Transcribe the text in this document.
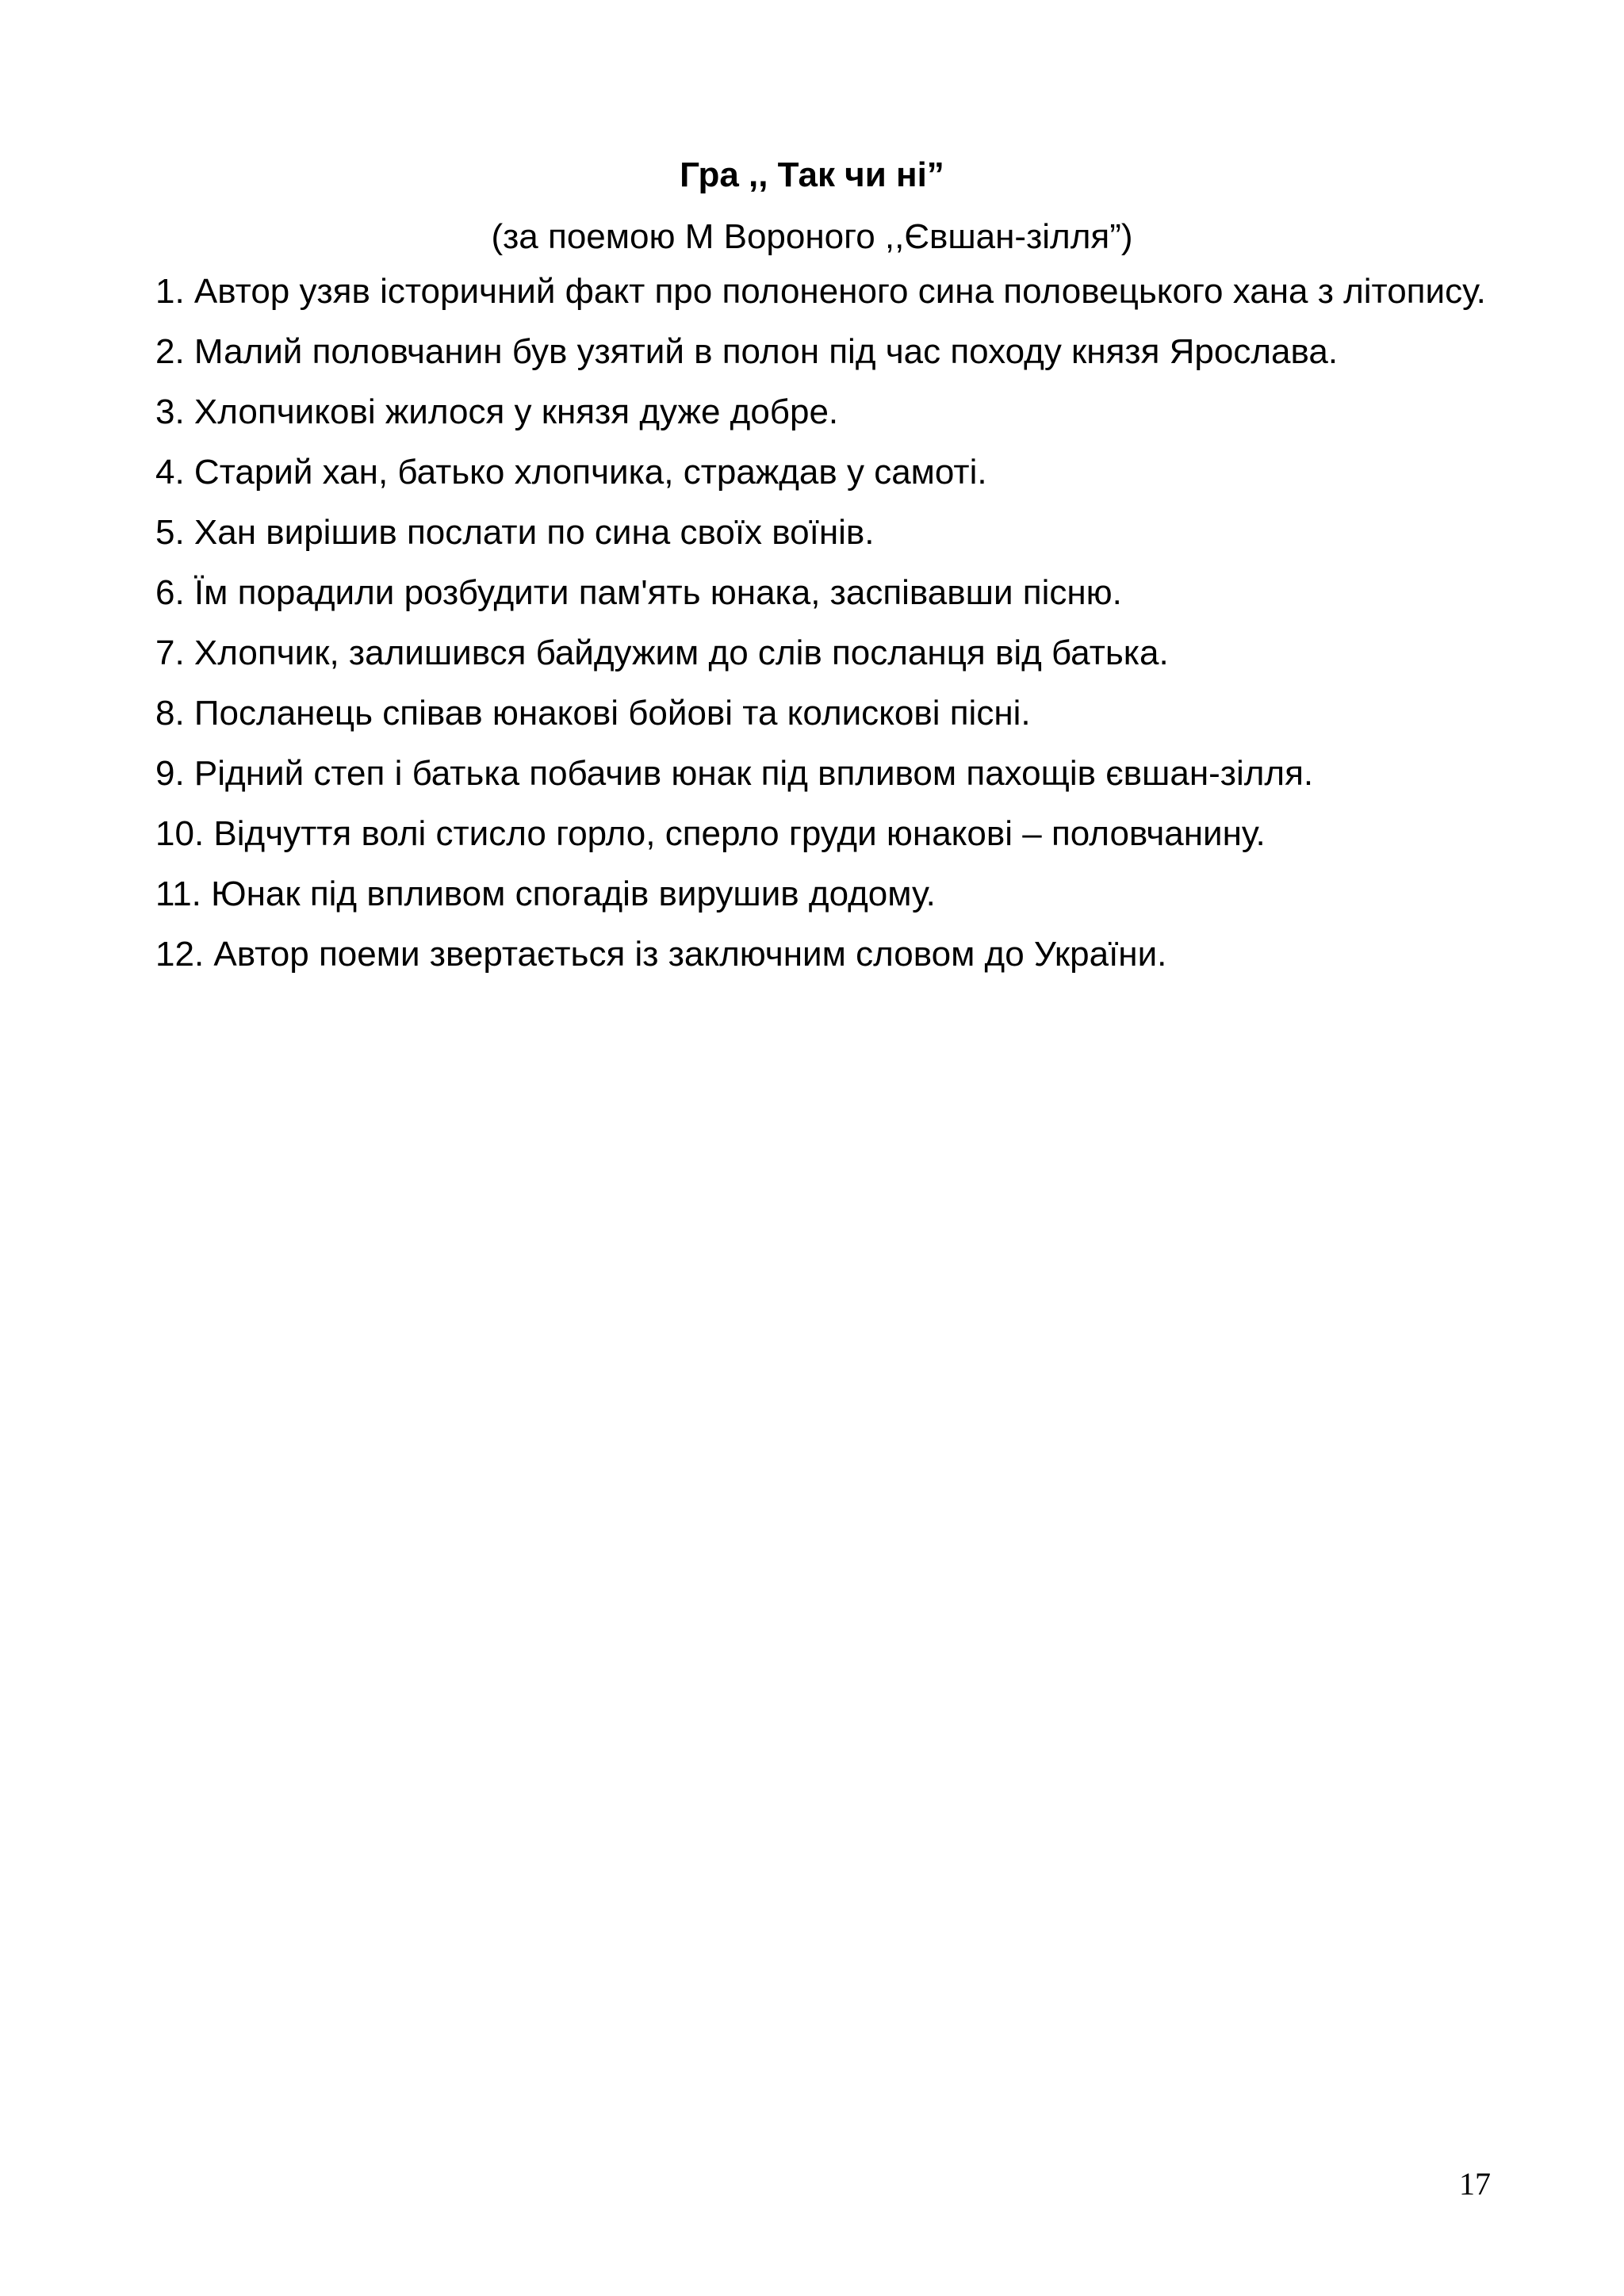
Гра ,, Так чи ні”
(за поемою М Вороного ,,Євшан-зілля”)
1. Автор узяв історичний факт про полоненого сина половецького хана з літопису.
2. Малий половчанин був узятий в полон під час походу князя Ярослава.
3. Хлопчикові жилося у князя дуже добре.
4. Старий хан, батько хлопчика, страждав у самоті.
5. Хан вирішив послати по сина своїх воїнів.
6. Їм порадили розбудити пам'ять юнака, заспівавши пісню.
7. Хлопчик, залишився байдужим до слів посланця від батька.
8. Посланець співав юнакові бойові та колискові пісні.
9. Рідний степ і батька побачив юнак під впливом пахощів євшан-зілля.
10. Відчуття волі стисло горло, сперло груди юнакові – половчанину.
11. Юнак під впливом спогадів вирушив додому.
12. Автор поеми звертається із заключним словом до України.
17
